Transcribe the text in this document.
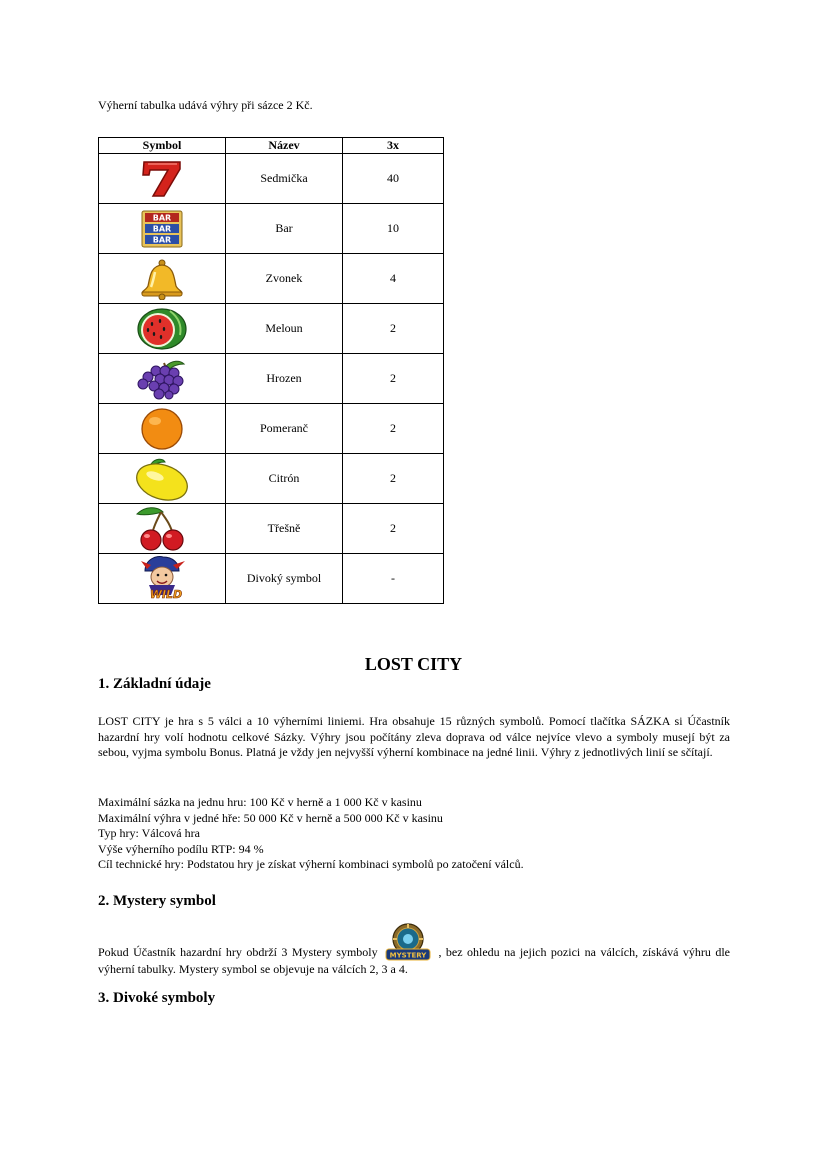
Výherní tabulka udává výhry při sázce 2 Kč.
Symbol	Název	3x

	Sedmička	40

BAR
BAR
BAR	Bar	10

	Zvonek	4

	Meloun	2

	Hrozen	2

	Pomeranč	2

	Citrón	2

	Třešně	2

WILD	Divoký symbol	-
LOST CITY
1. Základní údaje

LOST CITY je hra s 5 válci a 10 výherními liniemi. Hra obsahuje 15 různých symbolů. Pomocí tlačítka SÁZKA si Účastník hazardní hry volí hodnotu celkové Sázky. Výhry jsou počítány zleva doprava od válce nejvíce vlevo a symboly musejí být za sebou, vyjma symbolu Bonus. Platná je vždy jen nejvyšší výherní kombinace na jedné linii. Výhry z jednotlivých linií se sčítají.

Maximální sázka na jednu hru: 100 Kč v herně a 1 000 Kč v kasinu

Maximální výhra v jedné hře: 50 000 Kč v herně a 500 000 Kč v kasinu

Typ hry: Válcová hra

Výše výherního podílu RTP: 94 %

Cíl technické hry: Podstatou hry je získat výherní kombinaci symbolů po zatočení válců.

2. Mystery symbol
Pokud Účastník hazardní hry obdrží 3 Mystery symboly MYSTERY , bez ohledu na jejich pozici na válcích, získává výhru dle výherní tabulky. Mystery symbol se objevuje na válcích 2, 3 a 4.
3. Divoké symboly
